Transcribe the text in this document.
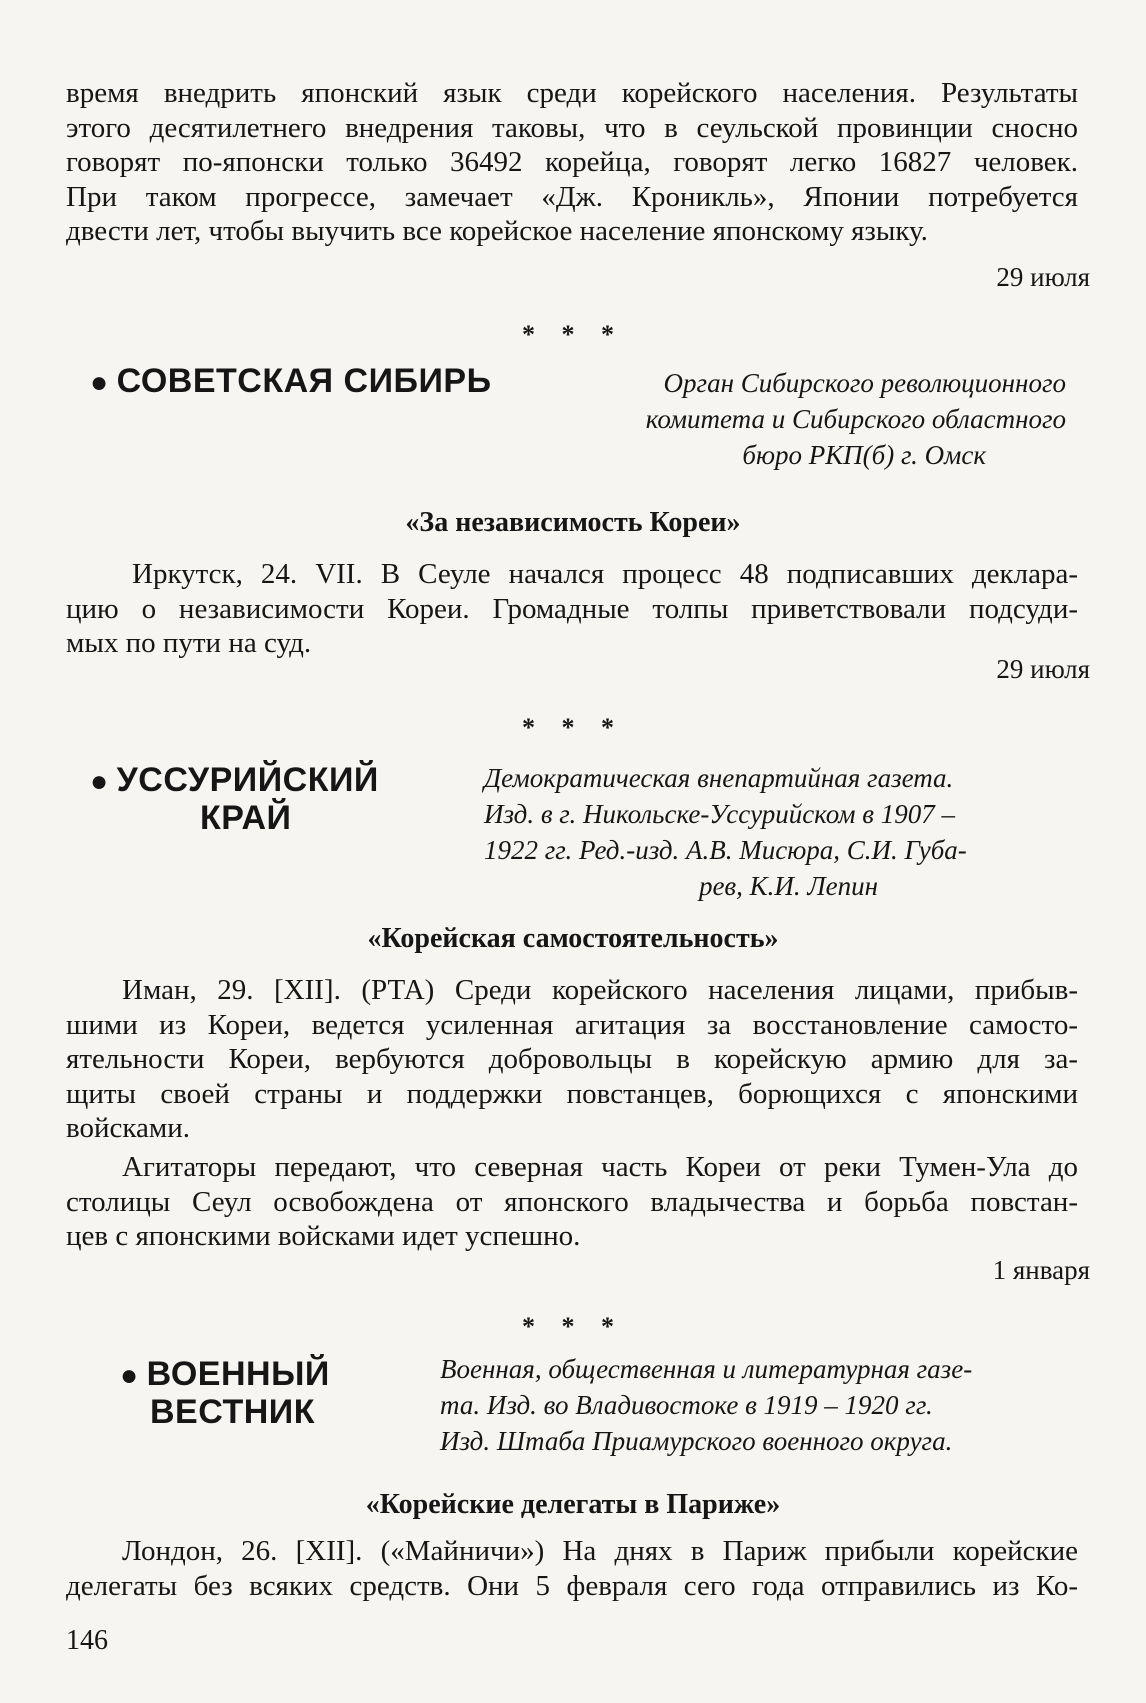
время внедрить японский язык среди корейского населения. Результаты
этого десятилетнего внедрения таковы, что в сеульской провинции сносно
говорят по-японски только 36492 корейца, говорят легко 16827 человек.
При таком прогрессе, замечает «Дж. Кроникль», Японии потребуется
двести лет, чтобы выучить все корейское население японскому языку.
29 июля
* * *
● СОВЕТСКАЯ СИБИРЬ	Орган Сибирского революционного
комитета и Сибирского областного
бюро РКП(б) г. Омск
«За независимость Кореи»
Иркутск, 24. VII. В Сеуле начался процесс 48 подписавших деклара-
цию о независимости Кореи. Громадные толпы приветствовали подсуди-
мых по пути на суд.
29 июля
* * *
● УССУРИЙСКИЙ
КРАЙ
Демократическая внепартийная газета.
Изд. в г. Никольске-Уссурийском в 1907 –
1922 гг. Ред.-изд. А.В. Мисюра, С.И. Губа-
рев, К.И. Лепин
«Корейская самостоятельность»
Иман, 29. [XII]. (РТА) Среди корейского населения лицами, прибыв-
шими из Кореи, ведется усиленная агитация за восстановление самосто-
ятельности Кореи, вербуются добровольцы в корейскую армию для за-
щиты своей страны и поддержки повстанцев, борющихся с японскими
войсками.
Агитаторы передают, что северная часть Кореи от реки Тумен-Ула до
столицы Сеул освобождена от японского владычества и борьба повстан-
цев с японскими войсками идет успешно.
1 января
* * *
● ВОЕННЫЙ
ВЕСТНИК
Военная, общественная и литературная газе-
та. Изд. во Владивостоке в 1919 – 1920 гг.
Изд. Штаба Приамурского военного округа.
«Корейские делегаты в Париже»
Лондон, 26. [XII]. («Майничи») На днях в Париж прибыли корейские
делегаты без всяких средств. Они 5 февраля сего года отправились из Ко-
146
